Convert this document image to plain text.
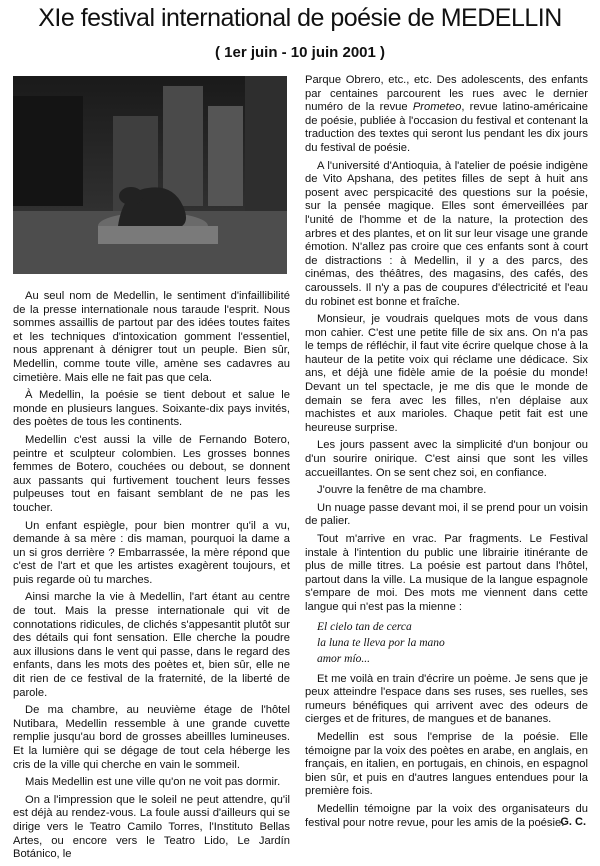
XIe festival international de poésie de MEDELLIN
( 1er juin - 10 juin 2001 )

Au seul nom de Medellin, le sentiment d'infaillibilité de la presse internationale nous taraude l'esprit. Nous sommes assaillis de partout par des idées toutes faites et les techniques d'intoxication gomment l'essentiel, nous apprenant à dénigrer tout un peuple. Bien sûr, Medellin, comme toute ville, amène ses cadavres au cimetière. Mais elle ne fait pas que cela.

À Medellin, la poésie se tient debout et salue le monde en plusieurs langues. Soixante-dix pays invités, des poètes de tous les continents.

Medellin c'est aussi la ville de Fernando Botero, peintre et sculpteur colombien. Les grosses bonnes femmes de Botero, couchées ou debout, se donnent aux passants qui furtivement touchent leurs fesses pulpeuses tout en faisant semblant de ne pas les toucher.

Un enfant espiègle, pour bien montrer qu'il a vu, demande à sa mère : dis maman, pourquoi la dame a un si gros derrière ? Embarrassée, la mère répond que c'est de l'art et que les artistes exagèrent toujours, et puis regarde où tu marches.

Ainsi marche la vie à Medellin, l'art étant au centre de tout. Mais la presse internationale qui vit de connotations ridicules, de clichés s'appesantit plutôt sur des détails qui font sensation. Elle cherche la poudre aux illusions dans le vent qui passe, dans le regard des enfants, dans les mots des poètes et, bien sûr, elle ne dit rien de ce festival de la fraternité, de la liberté de parole.

De ma chambre, au neuvième étage de l'hôtel Nutibara, Medellin ressemble à une grande cuvette remplie jusqu'au bord de grosses abeillles lumineuses. Et la lumière qui se dégage de tout cela héberge les cris de la ville qui cherche en vain le sommeil.

Mais Medellin est une ville qu'on ne voit pas dormir.

On a l'impression que le soleil ne peut attendre, qu'il est déjà au rendez-vous. La foule aussi d'ailleurs qui se dirige vers le Teatro Camilo Torres, l'Instituto Bellas Artes, ou encore vers le Teatro Lido, Le Jardín Botánico, le

Parque Obrero, etc., etc. Des adolescents, des enfants par centaines parcourent les rues avec le dernier numéro de la revue Prometeo, revue latino-américaine de poésie, publiée à l'occasion du festival et contenant la traduction des textes qui seront lus pendant les dix jours du festival de poésie.

A l'université d'Antioquia, à l'atelier de poésie indigène de Vito Apshana, des petites filles de sept à huit ans posent avec perspicacité des questions sur la poésie, sur la pensée magique. Elles sont émerveillées par l'unité de l'homme et de la nature, la protection des arbres et des plantes, et on lit sur leur visage une grande émotion. N'allez pas croire que ces enfants sont à court de distractions : à Medellin, il y a des parcs, des cinémas, des théâtres, des magasins, des cafés, des caroussels. Il n'y a pas de coupures d'électricité et l'eau du robinet est bonne et fraîche.

Monsieur, je voudrais quelques mots de vous dans mon cahier. C'est une petite fille de six ans. On n'a pas le temps de réfléchir, il faut vite écrire quelque chose à la hauteur de la petite voix qui réclame une dédicace. Six ans, et déjà une fidèle amie de la poésie du monde! Devant un tel spectacle, je me dis que le monde de demain se fera avec les filles, n'en déplaise aux machistes et aux marioles. Chaque petit fait est une heureuse surprise.

Les jours passent avec la simplicité d'un bonjour ou d'un sourire onirique. C'est ainsi que sont les villes accueillantes. On se sent chez soi, en confiance.

J'ouvre la fenêtre de ma chambre.

Un nuage passe devant moi, il se prend pour un voisin de palier.

Tout m'arrive en vrac. Par fragments. Le Festival instale à l'intention du public une librairie itinérante de plus de mille titres. La poésie est partout dans l'hôtel, partout dans la ville. La musique de la langue espagnole s'empare de moi. Des mots me viennent dans cette langue qui n'est pas la mienne :

El cielo tan de cerca
la luna te lleva por la mano
amor mío...

Et me voilà en train d'écrire un poème. Je sens que je peux atteindre l'espace dans ses ruses, ses ruelles, ses rumeurs bénéfiques qui arrivent avec des odeurs de cierges et de fritures, de mangues et de bananes.

Medellin est sous l'emprise de la poésie. Elle témoigne par la voix des poètes en arabe, en anglais, en français, en italien, en portugais, en chinois, en espagnol bien sûr, et puis en d'autres langues entendues pour la première fois.

Medellin témoigne par la voix des organisateurs du festival pour notre revue, pour les amis de la poésie.

G. C.
